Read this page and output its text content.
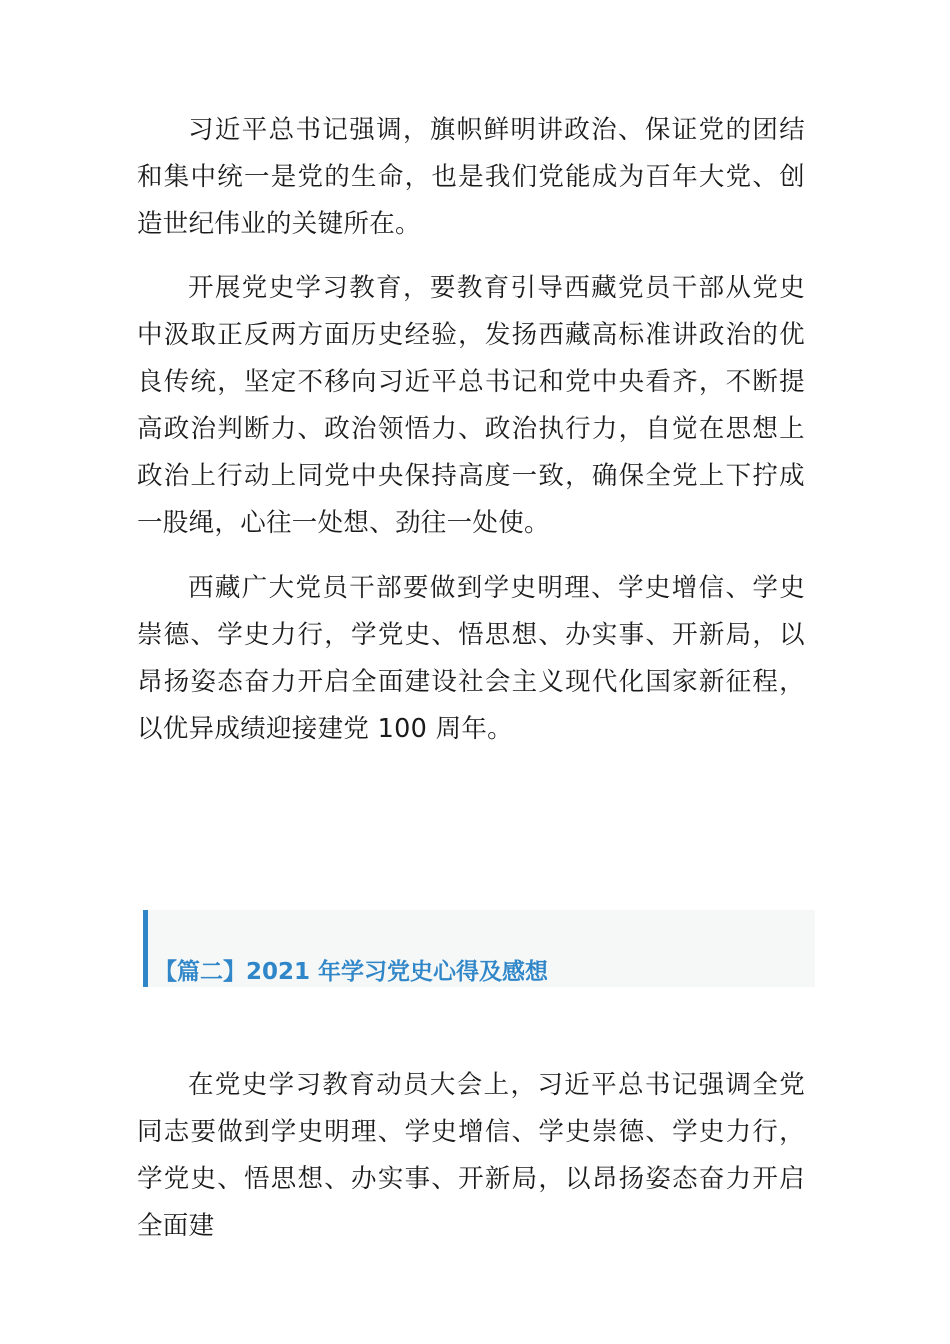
习近平总书记强调，旗帜鲜明讲政治、保证党的团结和集中统一是党的生命，也是我们党能成为百年大党、创造世纪伟业的关键所在。

开展党史学习教育，要教育引导西藏党员干部从党史中汲取正反两方面历史经验，发扬西藏高标准讲政治的优良传统，坚定不移向习近平总书记和党中央看齐，不断提高政治判断力、政治领悟力、政治执行力，自觉在思想上政治上行动上同党中央保持高度一致，确保全党上下拧成一股绳，心往一处想、劲往一处使。

西藏广大党员干部要做到学史明理、学史增信、学史崇德、学史力行，学党史、悟思想、办实事、开新局，以昂扬姿态奋力开启全面建设社会主义现代化国家新征程，以优异成绩迎接建党 100 周年。

【篇二】2021 年学习党史心得及感想

在党史学习教育动员大会上，习近平总书记强调全党同志要做到学史明理、学史增信、学史崇德、学史力行，学党史、悟思想、办实事、开新局，以昂扬姿态奋力开启全面建
